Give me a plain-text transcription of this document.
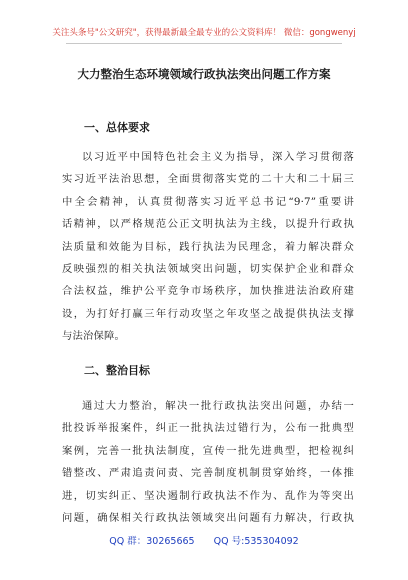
关注头条号"公文研究"，获得最新最全最专业的公文资料库！ 微信：gongwenyj
大力整治生态环境领域行政执法突出问题工作方案
一、总体要求
以习近平中国特色社会主义为指导，深入学习贯彻落
实习近平法治思想，全面贯彻落实党的二十大和二十届三
中全会精神，认真贯彻落实习近平总书记“9·7”重要讲
话精神，以严格规范公正文明执法为主线，以提升行政执
法质量和效能为目标，践行执法为民理念，着力解决群众
反映强烈的相关执法领域突出问题，切实保护企业和群众
合法权益，维护公平竞争市场秩序，加快推进法治政府建
设，为打好打赢三年行动攻坚之年攻坚之战提供执法支撑
与法治保障。
二、整治目标
通过大力整治，解决一批行政执法突出问题，办结一
批投诉举报案件，纠正一批执法过错行为，公布一批典型
案例，完善一批执法制度，宣传一批先进典型，把检视纠
错整改、严肃追责问责、完善制度机制贯穿始终，一体推
进，切实纠正、坚决遏制行政执法不作为、乱作为等突出
问题，确保相关行政执法领域突出问题有力解决，行政执
QQ 群：30265665 QQ 号:535304092
